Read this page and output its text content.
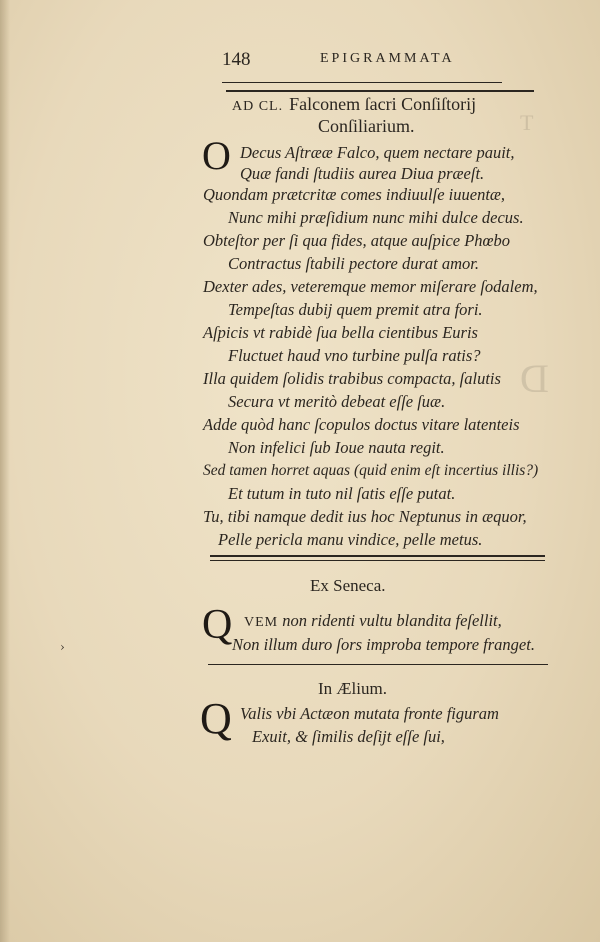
T
D
148	EPIGRAMMATA
AD CL. Falconem ſacri Conſiſtorij
Conſiliarium.
O Decus Aſtrææ Falco, quem nectare pauit,
Quæ fandi ſtudiis aurea Diua præeſt.
Quondam prætcritæ comes indiuulſe iuuentæ,
Nunc mihi præſidium nunc mihi dulce decus.
Obteſtor per ſi qua fides, atque auſpice Phœbo
Contractus ſtabili pectore durat amor.
Dexter ades, veteremque memor miſerare ſodalem,
Tempeſtas dubij quem premit atra fori.
Aſpicis vt rabidè ſua bella cientibus Euris
Fluctuet haud vno turbine pulſa ratis?
Illa quidem ſolidis trabibus compacta, ſalutis
Secura vt meritò debeat eſſe ſuæ.
Adde quòd hanc ſcopulos doctus vitare latenteis
Non infelici ſub Ioue nauta regit.
Sed tamen horret aquas (quid enim eſt incertius illis?)
Et tutum in tuto nil ſatis eſſe putat.
Tu, tibi namque dedit ius hoc Neptunus in æquor,
Pelle pericla manu vindice, pelle metus.
Ex Seneca.
Q VEM non ridenti vultu blandita feſellit,
Non illum duro ſors improba tempore franget.
›
In Ælium.
Q Valis vbi Actæon mutata fronte figuram
Exuit, & ſimilis deſijt eſſe ſui,
